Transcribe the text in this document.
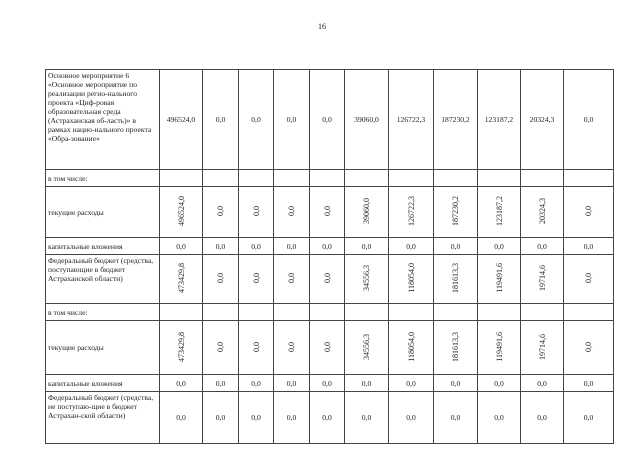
16
Основное мероприятие 6 «Основное мероприятие по реализации регио-нального проекта «Циф-ровая образовательная среда (Астраханская об-ласть)» в рамках нацио-нального проекта «Обра-зование»	496524,0	0,0	0,0	0,0	0,0	39060,0	126722,3	187230,2	123187,2	20324,3	0,0
в том числе:											
текущие расходы	496524,0	0,0	0,0	0,0	0,0	39060,0	126722,3	187230,2	123187,2	20324,3	0,0
капитальные вложения	0,0	0,0	0,0	0,0	0,0	0,0	0,0	0,0	0,0	0,0	0,0
Федеральный бюджет (средства, поступающие в бюджет Астраханской области)	473429,8	0,0	0,0	0,0	0,0	34556,3	118054,0	181613,3	119491,6	19714,6	0,0
в том числе:											
текущие расходы	473429,8	0,0	0,0	0,0	0,0	34556,3	118054,0	181613,3	119491,6	19714,6	0,0
капитальные вложения	0,0	0,0	0,0	0,0	0,0	0,0	0,0	0,0	0,0	0,0	0,0
Федеральный бюджет (средства, не поступаю-щие в бюджет Астрахан-ской области)	0,0	0,0	0,0	0,0	0,0	0,0	0,0	0,0	0,0	0,0	0,0
